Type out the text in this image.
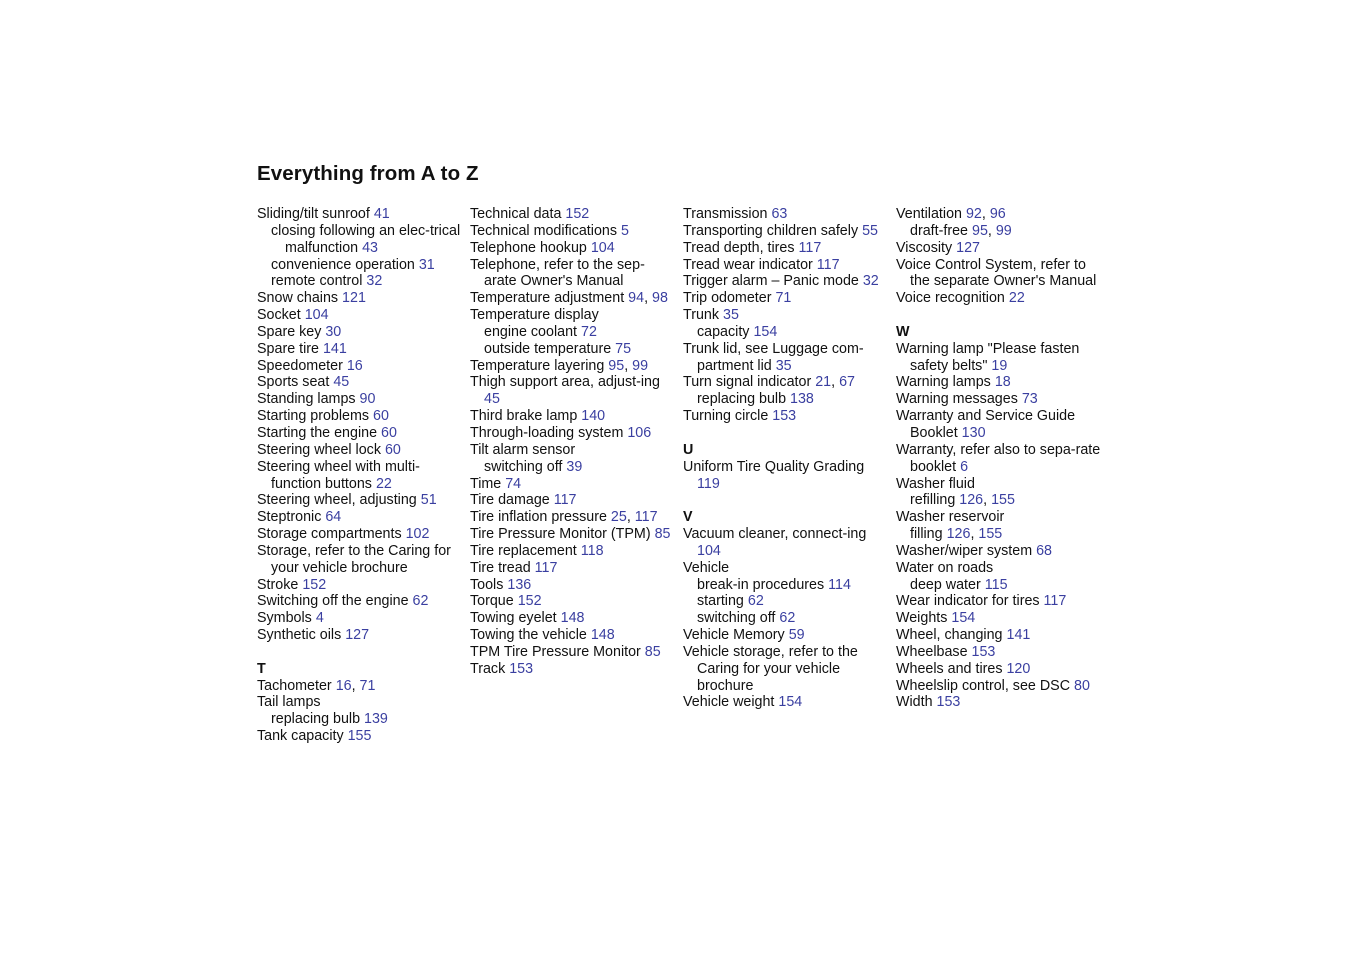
Everything from A to Z
Sliding/tilt sunroof 41
closing following an elec-trical malfunction 43
convenience operation 31
remote control 32
Snow chains 121
Socket 104
Spare key 30
Spare tire 141
Speedometer 16
Sports seat 45
Standing lamps 90
Starting problems 60
Starting the engine 60
Steering wheel lock 60
Steering wheel with multi-function buttons 22
Steering wheel, adjusting 51
Steptronic 64
Storage compartments 102
Storage, refer to the Caring for your vehicle brochure
Stroke 152
Switching off the engine 62
Symbols 4
Synthetic oils 127
T
Tachometer 16, 71
Tail lamps
replacing bulb 139
Tank capacity 155
Technical data 152
Technical modifications 5
Telephone hookup 104
Telephone, refer to the sep-arate Owner's Manual
Temperature adjustment 94, 98
Temperature display
engine coolant 72
outside temperature 75
Temperature layering 95, 99
Thigh support area, adjust-ing 45
Third brake lamp 140
Through-loading system 106
Tilt alarm sensor
switching off 39
Time 74
Tire damage 117
Tire inflation pressure 25, 117
Tire Pressure Monitor (TPM) 85
Tire replacement 118
Tire tread 117
Tools 136
Torque 152
Towing eyelet 148
Towing the vehicle 148
TPM Tire Pressure Monitor 85
Track 153
Transmission 63
Transporting children safely 55
Tread depth, tires 117
Tread wear indicator 117
Trigger alarm – Panic mode 32
Trip odometer 71
Trunk 35
capacity 154
Trunk lid, see Luggage com-partment lid 35
Turn signal indicator 21, 67
replacing bulb 138
Turning circle 153
U
Uniform Tire Quality Grading 119
V
Vacuum cleaner, connect-ing 104
Vehicle
break-in procedures 114
starting 62
switching off 62
Vehicle Memory 59
Vehicle storage, refer to the Caring for your vehicle brochure
Vehicle weight 154
Ventilation 92, 96
draft-free 95, 99
Viscosity 127
Voice Control System, refer to the separate Owner's Manual
Voice recognition 22
W
Warning lamp "Please fasten safety belts" 19
Warning lamps 18
Warning messages 73
Warranty and Service Guide Booklet 130
Warranty, refer also to sepa-rate booklet 6
Washer fluid
refilling 126, 155
Washer reservoir
filling 126, 155
Washer/wiper system 68
Water on roads
deep water 115
Wear indicator for tires 117
Weights 154
Wheel, changing 141
Wheelbase 153
Wheels and tires 120
Wheelslip control, see DSC 80
Width 153
